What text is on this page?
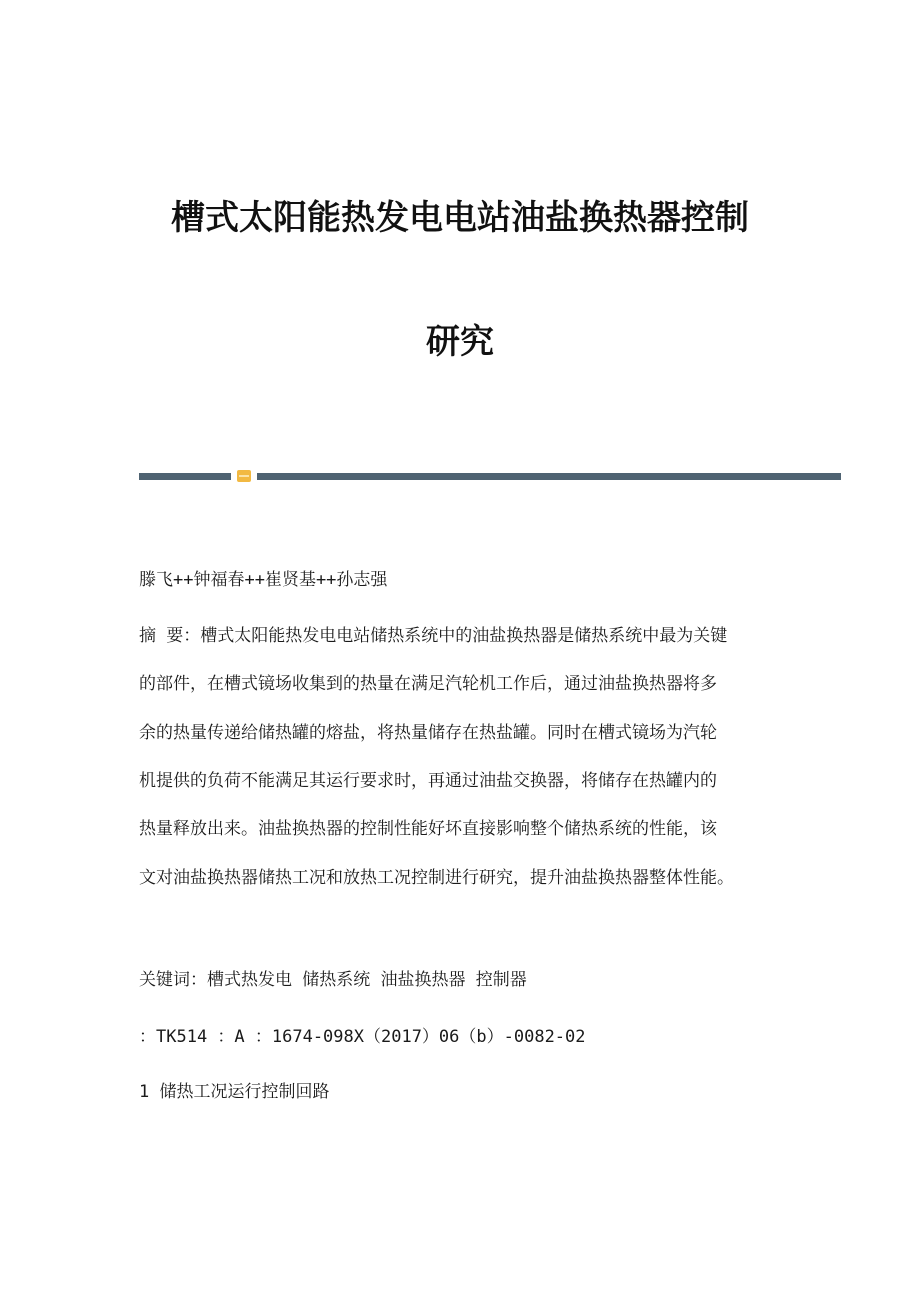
槽式太阳能热发电电站油盐换热器控制
研究

滕飞++钟福春++崔贤基++孙志强

摘 要：槽式太阳能热发电电站储热系统中的油盐换热器是储热系统中最为关键

的部件，在槽式镜场收集到的热量在满足汽轮机工作后，通过油盐换热器将多

余的热量传递给储热罐的熔盐，将热量储存在热盐罐。同时在槽式镜场为汽轮

机提供的负荷不能满足其运行要求时，再通过油盐交换器，将储存在热罐内的

热量释放出来。油盐换热器的控制性能好坏直接影响整个储热系统的性能，该

文对油盐换热器储热工况和放热工况控制进行研究，提升油盐换热器整体性能。

关键词：槽式热发电 储热系统 油盐换热器 控制器

：TK514 ：A ：1674-098X（2017）06（b）-0082-02

1 储热工况运行控制回路
